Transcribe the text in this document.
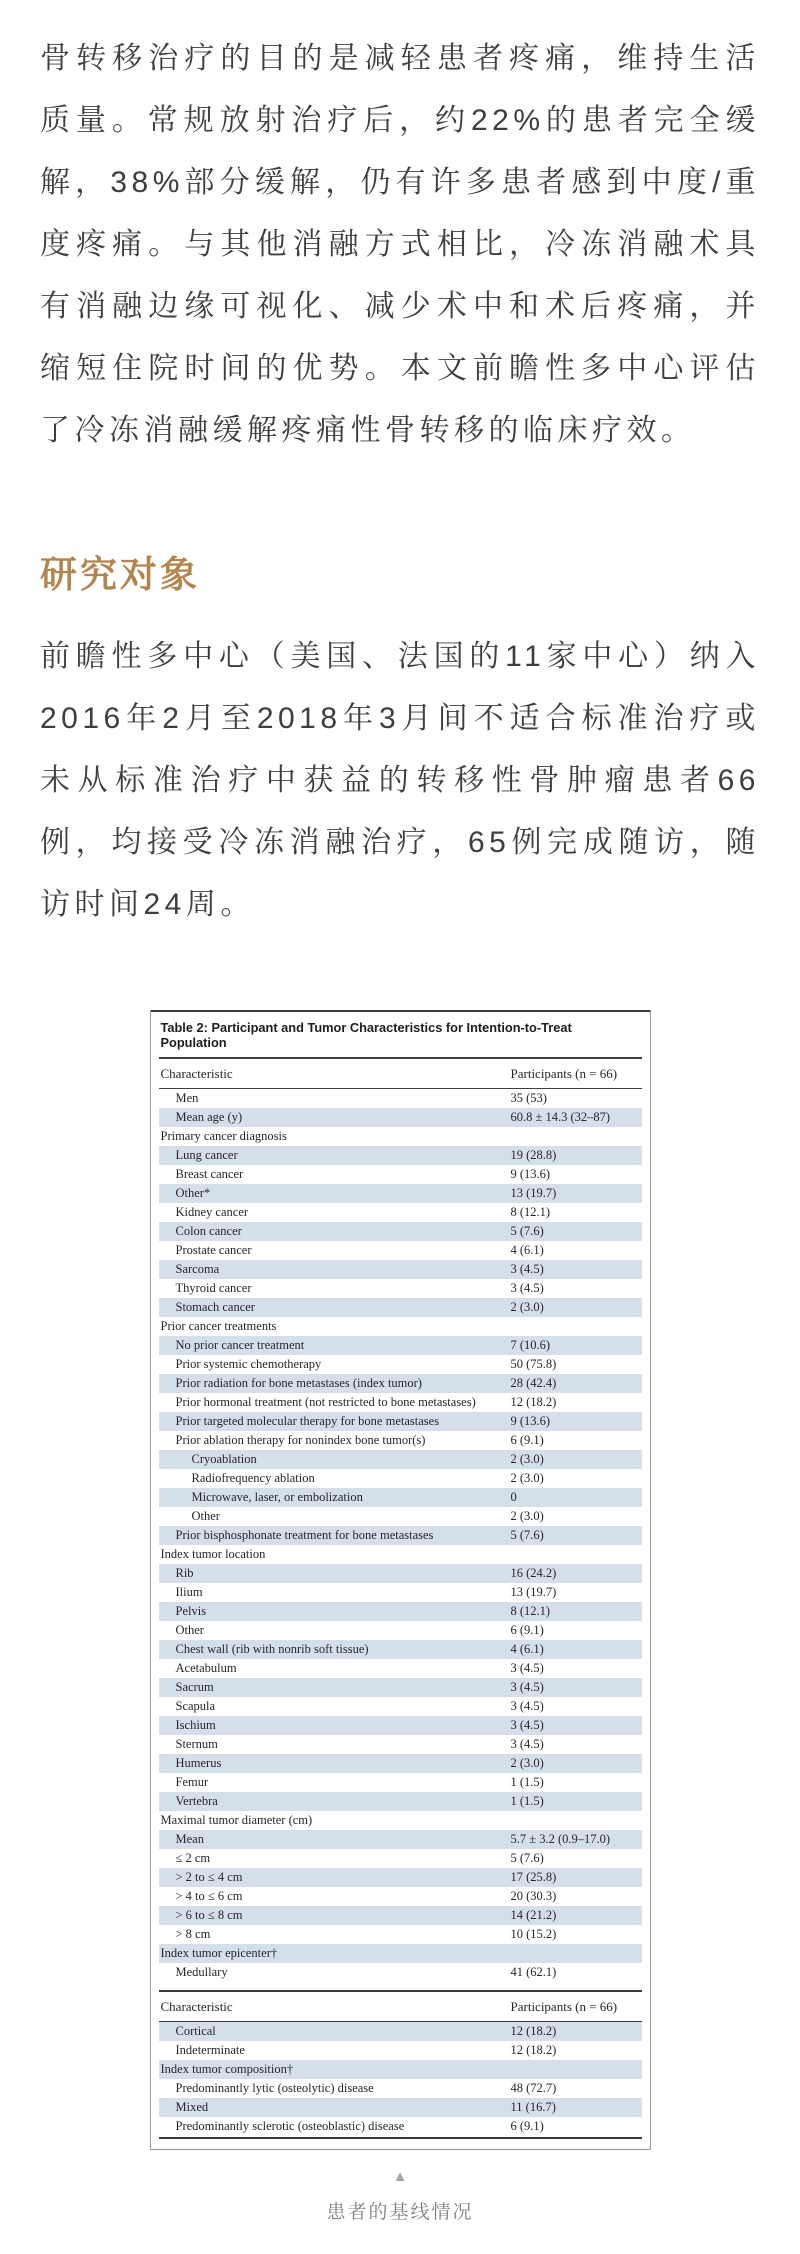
骨转移治疗的目的是减轻患者疼痛，维持生活质量。常规放射治疗后，约22%的患者完全缓解，38%部分缓解，仍有许多患者感到中度/重度疼痛。与其他消融方式相比，冷冻消融术具有消融边缘可视化、减少术中和术后疼痛，并缩短住院时间的优势。本文前瞻性多中心评估了冷冻消融缓解疼痛性骨转移的临床疗效。

研究对象

前瞻性多中心（美国、法国的11家中心）纳入2016年2月至2018年3月间不适合标准治疗或未从标准治疗中获益的转移性骨肿瘤患者66例，均接受冷冻消融治疗，65例完成随访，随访时间24周。

Table 2: Participant and Tumor Characteristics for Intention-to-Treat Population
Characteristic	Participants (n = 66)
Men	35 (53)
Mean age (y)	60.8 ± 14.3 (32–87)
Primary cancer diagnosis
Lung cancer	19 (28.8)
Breast cancer	9 (13.6)
Other*	13 (19.7)
Kidney cancer	8 (12.1)
Colon cancer	5 (7.6)
Prostate cancer	4 (6.1)
Sarcoma	3 (4.5)
Thyroid cancer	3 (4.5)
Stomach cancer	2 (3.0)
Prior cancer treatments
No prior cancer treatment	7 (10.6)
Prior systemic chemotherapy	50 (75.8)
Prior radiation for bone metastases (index tumor)	28 (42.4)
Prior hormonal treatment (not restricted to bone metastases)	12 (18.2)
Prior targeted molecular therapy for bone metastases	9 (13.6)
Prior ablation therapy for nonindex bone tumor(s)	6 (9.1)
Cryoablation	2 (3.0)
Radiofrequency ablation	2 (3.0)
Microwave, laser, or embolization	0
Other	2 (3.0)
Prior bisphosphonate treatment for bone metastases	5 (7.6)
Index tumor location
Rib	16 (24.2)
Ilium	13 (19.7)
Pelvis	8 (12.1)
Other	6 (9.1)
Chest wall (rib with nonrib soft tissue)	4 (6.1)
Acetabulum	3 (4.5)
Sacrum	3 (4.5)
Scapula	3 (4.5)
Ischium	3 (4.5)
Sternum	3 (4.5)
Humerus	2 (3.0)
Femur	1 (1.5)
Vertebra	1 (1.5)
Maximal tumor diameter (cm)
Mean	5.7 ± 3.2 (0.9–17.0)
≤ 2 cm	5 (7.6)
> 2 to ≤ 4 cm	17 (25.8)
> 4 to ≤ 6 cm	20 (30.3)
> 6 to ≤ 8 cm	14 (21.2)
> 8 cm	10 (15.2)
Index tumor epicenter†
Medullary	41 (62.1)
Characteristic	Participants (n = 66)
Cortical	12 (18.2)
Indeterminate	12 (18.2)
Index tumor composition†
Predominantly lytic (osteolytic) disease	48 (72.7)
Mixed	11 (16.7)
Predominantly sclerotic (osteoblastic) disease	6 (9.1)
▲
患者的基线情况
